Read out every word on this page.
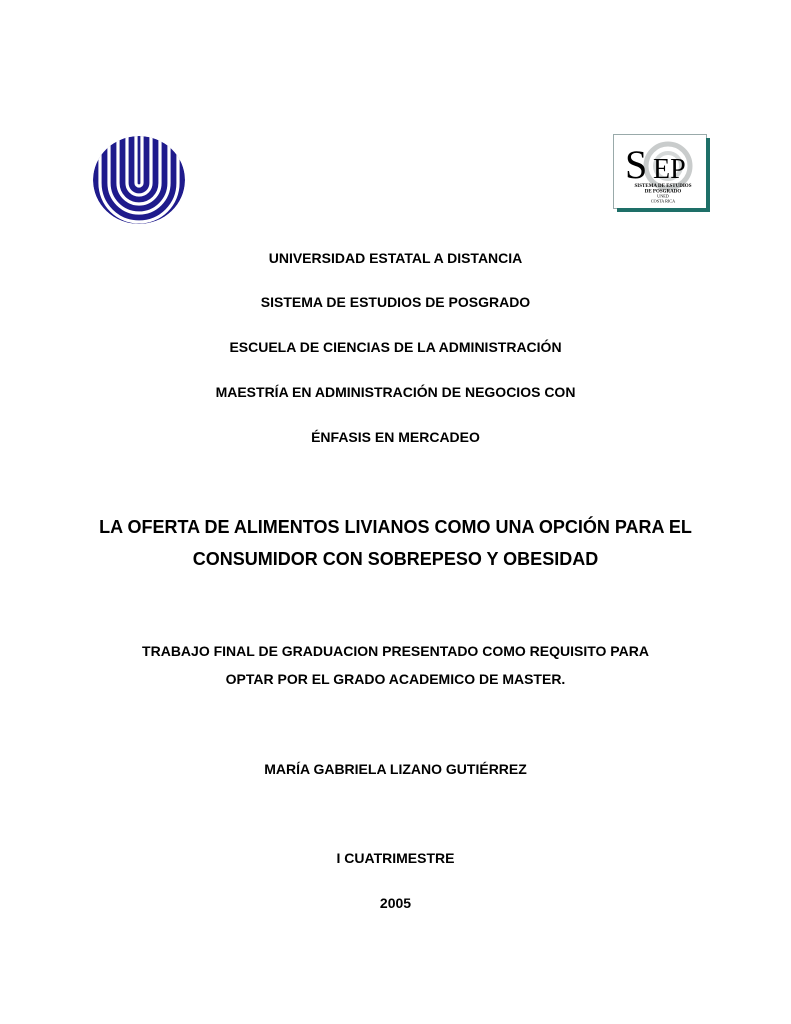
S EP
SISTEMA DE ESTUDIOS
DE POSGRADO
UNED
COSTA RICA
UNIVERSIDAD ESTATAL A DISTANCIA
SISTEMA DE ESTUDIOS DE POSGRADO
ESCUELA DE CIENCIAS DE LA ADMINISTRACIÓN
MAESTRÍA EN ADMINISTRACIÓN DE NEGOCIOS CON
ÉNFASIS EN MERCADEO
LA OFERTA DE ALIMENTOS LIVIANOS COMO UNA OPCIÓN PARA EL
CONSUMIDOR CON SOBREPESO Y OBESIDAD
TRABAJO FINAL DE GRADUACION PRESENTADO COMO REQUISITO PARA
OPTAR POR EL GRADO ACADEMICO DE MASTER.
MARÍA GABRIELA LIZANO GUTIÉRREZ
I CUATRIMESTRE
2005
